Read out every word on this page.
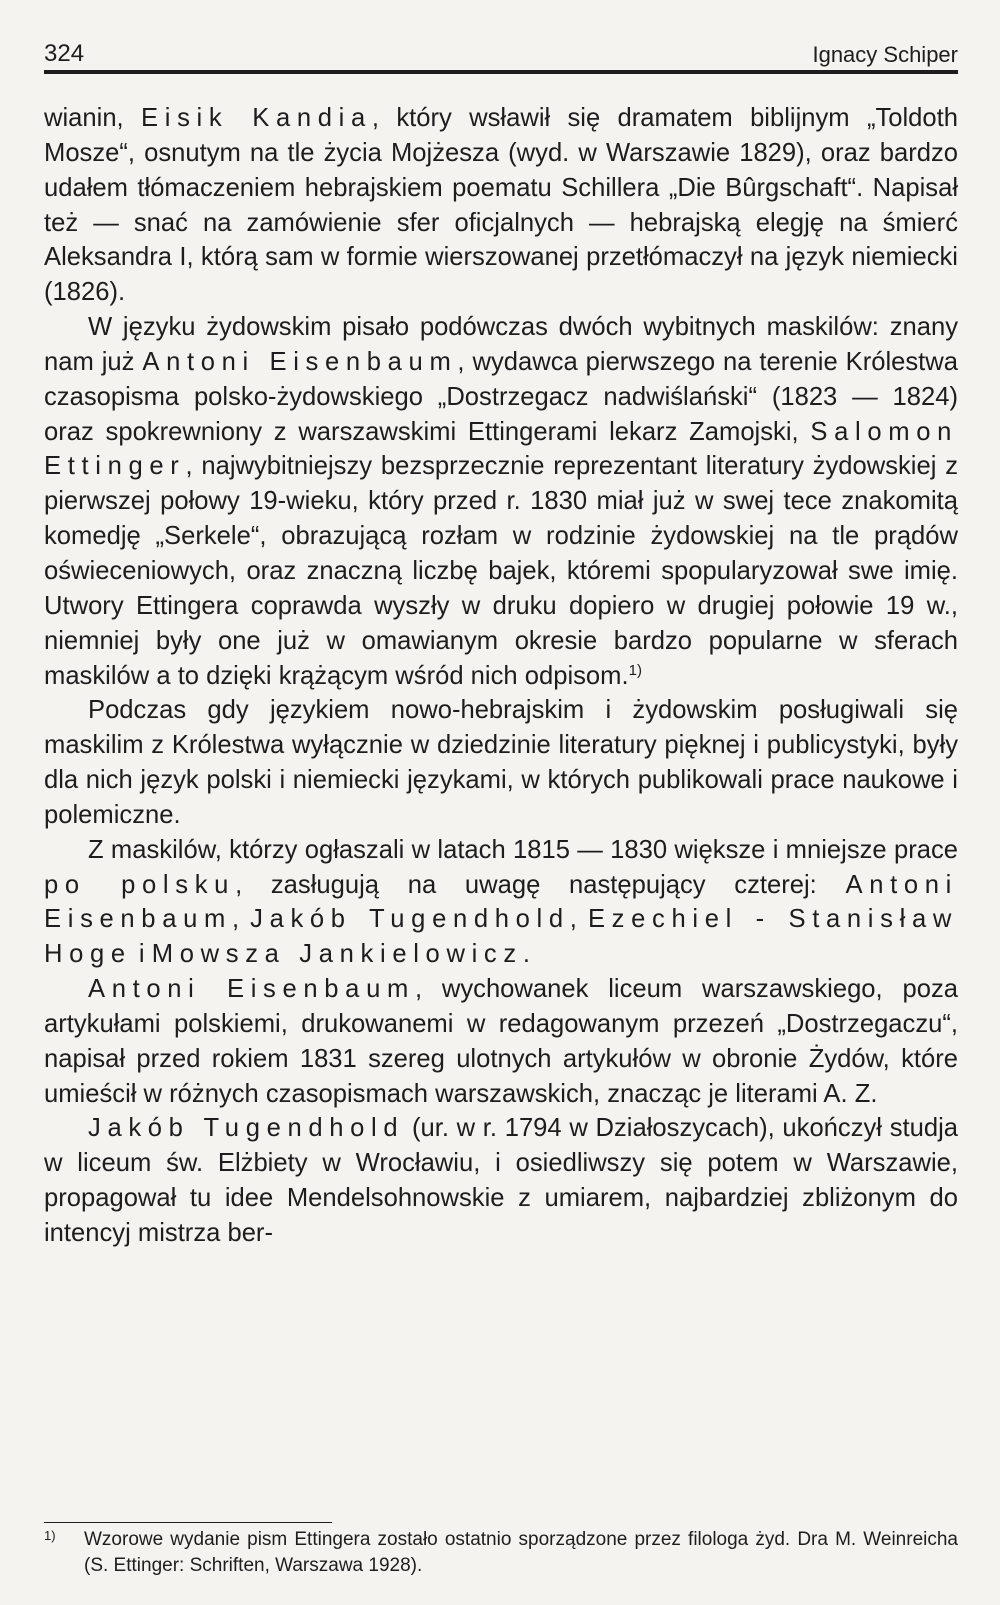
324	Ignacy Schiper

wianin, Eisik Kandia, który wsławił się dramatem biblijnym „Toldoth Mosze“, osnutym na tle życia Mojżesza (wyd. w Warszawie 1829), oraz bardzo udałem tłómaczeniem hebrajskiem poematu Schillera „Die Bûrgschaft“. Napisał też — snać na zamówienie sfer oficjalnych — hebrajską elegję na śmierć Aleksandra I, którą sam w formie wierszowanej przetłómaczył na język niemiecki (1826).

W języku żydowskim pisało podówczas dwóch wybitnych maskilów: znany nam już Antoni Eisenbaum, wydawca pierwszego na terenie Królestwa czasopisma polsko-żydowskiego „Dostrzegacz nadwiślański“ (1823 — 1824) oraz spokrewniony z warszawskimi Ettingerami lekarz Zamojski, Salomon Ettinger, najwybitniejszy bezsprzecznie reprezentant literatury żydowskiej z pierwszej połowy 19-wieku, który przed r. 1830 miał już w swej tece znakomitą komedję „Serkele“, obrazującą rozłam w rodzinie żydowskiej na tle prądów oświeceniowych, oraz znaczną liczbę bajek, któremi spopularyzował swe imię. Utwory Ettingera coprawda wyszły w druku dopiero w drugiej połowie 19 w., niemniej były one już w omawianym okresie bardzo popularne w sferach maskilów a to dzięki krążącym wśród nich odpisom.$^{1)}$

Podczas gdy językiem nowo-hebrajskim i żydowskim posługiwali się maskilim z Królestwa wyłącznie w dziedzinie literatury pięknej i publicystyki, były dla nich język polski i niemiecki językami, w których publikowali prace naukowe i polemiczne.

Z maskilów, którzy ogłaszali w latach 1815 — 1830 większe i mniejsze prace po polsku, zasługują na uwagę następujący czterej: Antoni Eisenbaum, Jakób Tugendhold, Ezechiel - Stanisław Hoge i Mowsza Jankielowicz.

Antoni Eisenbaum, wychowanek liceum warszawskiego, poza artykułami polskiemi, drukowanemi w redagowanym przezeń „Dostrzegaczu“, napisał przed rokiem 1831 szereg ulotnych artykułów w obronie Żydów, które umieścił w różnych czasopismach warszawskich, znacząc je literami A. Z.

Jakób Tugendhold (ur. w r. 1794 w Działoszycach), ukończył studja w liceum św. Elżbiety w Wrocławiu, i osiedliwszy się potem w Warszawie, propagował tu idee Mendelsohnowskie z umiarem, najbardziej zbliżonym do intencyj mistrza ber-

1) Wzorowe wydanie pism Ettingera zostało ostatnio sporządzone przez filologa żyd. Dra M. Weinreicha (S. Ettinger: Schriften, Warszawa 1928).
